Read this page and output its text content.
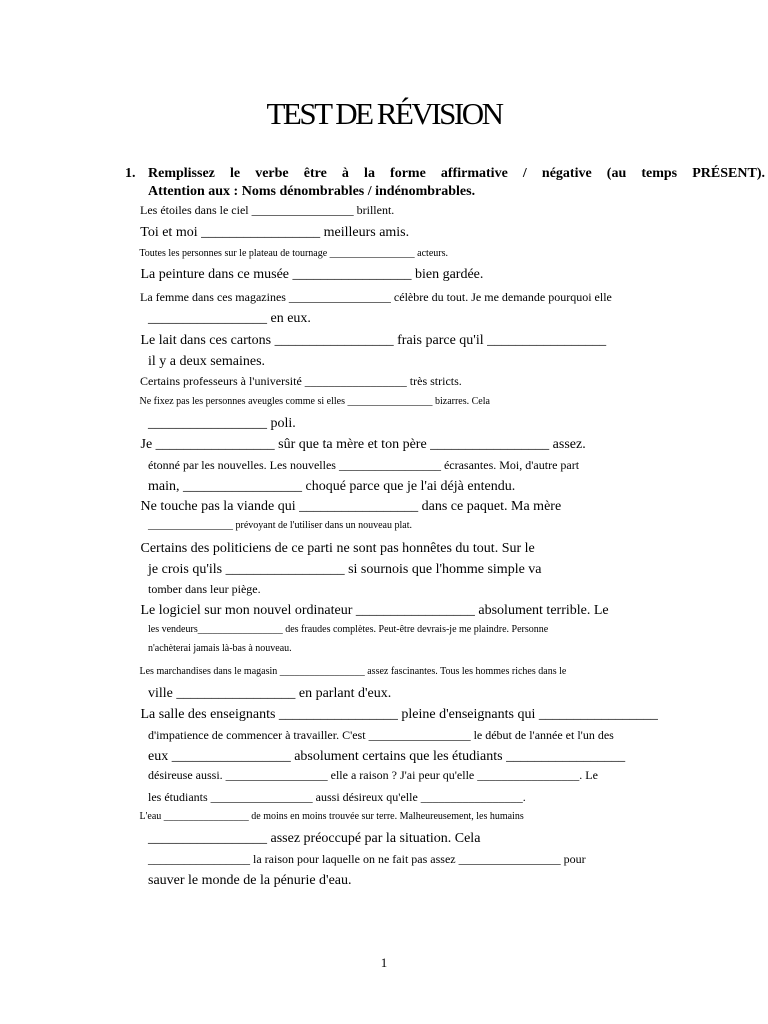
TEST DE RÉVISION
1. Remplissez le verbe être à la forme affirmative / négative (au temps PRÉSENT).
Attention aux : Noms dénombrables / indénombrables.
Les étoiles dans le ciel _________________ brillent.
Toi et moi _________________ meilleurs amis.
Toutes les personnes sur le plateau de tournage _________________ acteurs.
La peinture dans ce musée _________________ bien gardée.
La femme dans ces magazines _________________ célèbre du tout. Je me demande pourquoi elle
_________________ en eux.
Le lait dans ces cartons _________________ frais parce qu'il _________________
il y a deux semaines.
Certains professeurs à l'université _________________ très stricts.
Ne fixez pas les personnes aveugles comme si elles _________________ bizarres. Cela
_________________ poli.
Je _________________ sûr que ta mère et ton père _________________ assez.
étonné par les nouvelles. Les nouvelles _________________ écrasantes. Moi, d'autre part
main, _________________ choqué parce que je l'ai déjà entendu.
Ne touche pas la viande qui _________________ dans ce paquet. Ma mère
_________________ prévoyant de l'utiliser dans un nouveau plat.
Certains des politiciens de ce parti ne sont pas honnêtes du tout. Sur le
je crois qu'ils _________________ si sournois que l'homme simple va
tomber dans leur piège.
Le logiciel sur mon nouvel ordinateur _________________ absolument terrible. Le
les vendeurs_________________ des fraudes complètes. Peut-être devrais-je me plaindre. Personne
n'achèterai jamais là-bas à nouveau.
Les marchandises dans le magasin _________________ assez fascinantes. Tous les hommes riches dans le
ville _________________ en parlant d'eux.
La salle des enseignants _________________ pleine d'enseignants qui _________________
d'impatience de commencer à travailler. C'est _________________ le début de l'année et l'un des
eux _________________ absolument certains que les étudiants _________________
désireuse aussi. _________________ elle a raison ? J'ai peur qu'elle _________________. Le
les étudiants _________________ aussi désireux qu'elle _________________.
L'eau _________________ de moins en moins trouvée sur terre. Malheureusement, les humains
_________________ assez préoccupé par la situation. Cela
_________________ la raison pour laquelle on ne fait pas assez _________________ pour
sauver le monde de la pénurie d'eau.
1
